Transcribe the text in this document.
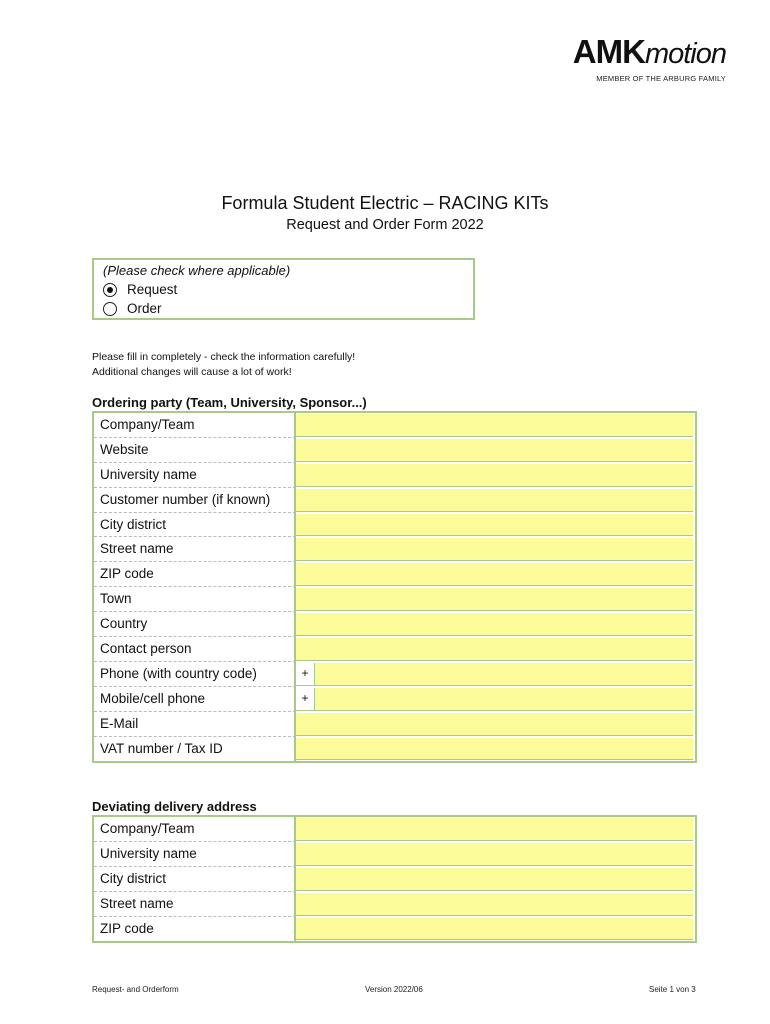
AMKmotion
MEMBER OF THE ARBURG FAMILY
Formula Student Electric – RACING KITs
Request and Order Form 2022
(Please check where applicable)
Request
Order
Please fill in completely - check the information carefully!
Additional changes will cause a lot of work!
Ordering party (Team, University, Sponsor...)
Company/Team
Website
University name
Customer number (if known)
City district
Street name
ZIP code
Town
Country
Contact person
Phone (with country code)	+
Mobile/cell phone	+
E-Mail
VAT number / Tax ID
Deviating delivery address
Company/Team
University name
City district
Street name
ZIP code
Request- and Orderform	Version 2022/06	Seite 1 von 3
